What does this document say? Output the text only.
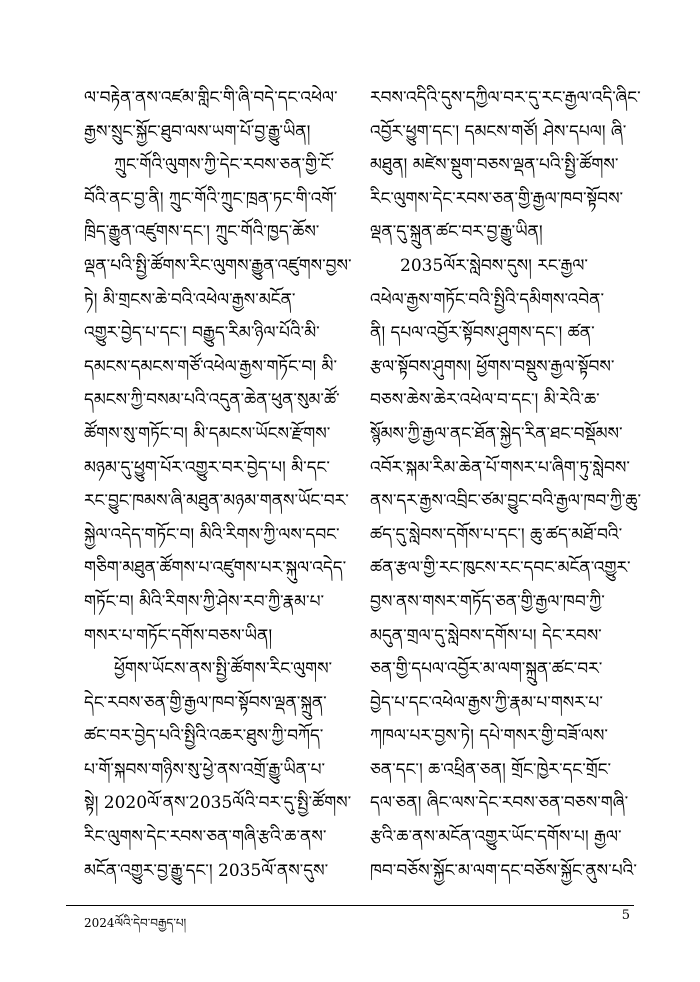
ལ་བརྟེན་ནས་འཛམ་གླིང་གི་ཞི་བདེ་དང་འཕེལ་
རྒྱས་སྲུང་སྐྱོང་ཐུབ་ལས་ཡག་པོ་བྱ་རྒྱུ་ཡིན།
ཀྲུང་གོའི་ལུགས་ཀྱི་དེང་རབས་ཅན་གྱི་ངོ་
བོའི་ནང་བྱ་ནི། ཀྲུང་གོའི་ཀྲུང་ཁྲན་ཏང་གི་འགོ་
ཁྲིད་རྒྱུན་འཛུགས་དང་། ཀྲུང་གོའི་ཁྱད་ཆོས་
ལྡན་པའི་སྤྱི་ཚོགས་རིང་ལུགས་རྒྱུན་འཛུགས་བྱས་
ཏེ། མི་གྲངས་ཆེ་བའི་འཕེལ་རྒྱས་མངོན་
འགྱུར་བྱེད་པ་དང་། བརྒྱུད་རིམ་ཉིལ་པོའི་མི་
དམངས་དམངས་གཙོ་འཕེལ་རྒྱས་གཏོང་བ། མི་
དམངས་ཀྱི་བསམ་པའི་འདུན་ཆེན་ཕུན་སུམ་ཚོ་
ཚོགས་སུ་གཏོང་བ། མི་དམངས་ཡོངས་རྫོགས་
མཉམ་དུ་ཕྱུག་པོར་འགྱུར་བར་བྱེད་པ། མི་དང་
རང་བྱུང་ཁམས་ཞི་མཐུན་མཉམ་གནས་ཡོང་བར་
སྐྱེལ་འདེད་གཏོང་བ། མིའི་རིགས་ཀྱི་ལས་དབང་
གཅིག་མཐུན་ཚོགས་པ་འཛུགས་པར་སྐུལ་འདེད་
གཏོང་བ། མིའི་རིགས་ཀྱི་ཤེས་རབ་ཀྱི་རྣམ་པ་
གསར་པ་གཏོང་དགོས་བཅས་ཡིན།
ཕྱོགས་ཡོངས་ནས་སྤྱི་ཚོགས་རིང་ལུགས་
དེང་རབས་ཅན་གྱི་རྒྱལ་ཁབ་སྟོབས་ལྡན་སྐྲུན་
ཚང་བར་བྱེད་པའི་སྤྱིའི་འཆར་ཐུས་ཀྱི་བཀོད་
པ་གོ་སྐབས་གཉིས་སུ་ཕྱེ་ནས་འགྲོ་རྒྱུ་ཡིན་པ་
སྟེ། 2020ལོ་ནས་2035ལོའི་བར་དུ་སྤྱི་ཚོགས་
རིང་ལུགས་དེང་རབས་ཅན་གཞི་རྩའི་ཆ་ནས་
མངོན་འགྱུར་བྱ་རྒྱུ་དང་། 2035ལོ་ནས་དུས་
རབས་འདིའི་དུས་དཀྱིལ་བར་དུ་རང་རྒྱལ་འདི་ཞིང་
འབྱོར་ཕྱུག་དང་། དམངས་གཙོ། ཤེས་དཔལ། ཞི་
མཐུན། མཛེས་སྡུག་བཅས་ལྡན་པའི་སྤྱི་ཚོགས་
རིང་ལུགས་དེང་རབས་ཅན་གྱི་རྒྱལ་ཁབ་སྟོབས་
ལྡན་དུ་སྐྲུན་ཚང་བར་བྱ་རྒྱུ་ཡིན།
2035ལོར་སླེབས་དུས། རང་རྒྱལ་
འཕེལ་རྒྱས་གཏོང་བའི་སྤྱིའི་དམིགས་འབེན་
ནི། དཔལ་འབྱོར་སྟོབས་ཤུགས་དང་། ཚན་
རྩལ་སྟོབས་ཤུགས། ཕྱོགས་བསྡུས་རྒྱལ་སྟོབས་
བཅས་ཆེས་ཆེར་འཕེལ་བ་དང་། མི་རེའི་ཆ་
སྙོམས་ཀྱི་རྒྱལ་ནང་ཐོན་སྐྱེད་རིན་ཐང་བསྡོམས་
འབོར་སྐམ་རིམ་ཆེན་པོ་གསར་པ་ཞིག་ཏུ་སླེབས་
ནས་དར་རྒྱས་འབྲིང་ཙམ་བྱུང་བའི་རྒྱལ་ཁབ་ཀྱི་ཆུ་
ཚད་དུ་སླེབས་དགོས་པ་དང་། ཆུ་ཚད་མཐོ་བའི་
ཚན་རྩལ་གྱི་རང་ཁུངས་རང་དབང་མངོན་འགྱུར་
བྱས་ནས་གསར་གཏོད་ཅན་གྱི་རྒྱལ་ཁབ་ཀྱི་
མདུན་གྲལ་དུ་སླེབས་དགོས་པ། དེང་རབས་
ཅན་གྱི་དཔལ་འབྱོར་མ་ལག་སྐྲུན་ཚང་བར་
བྱེད་པ་དང་འཕེལ་རྒྱས་ཀྱི་རྣམ་པ་གསར་པ་
ཀཁལ་པར་བྱས་ཏེ། དཔེ་གསར་གྱི་བཟོ་ལས་
ཅན་དང་། ཆ་འཕྲིན་ཅན། གྲོང་ཁྱེར་དང་གྲོང་
དལ་ཅན། ཞིང་ལས་དེང་རབས་ཅན་བཅས་གཞི་
རྩའི་ཆ་ནས་མངོན་འགྱུར་ཡོང་དགོས་པ། རྒྱལ་
ཁབ་བཅོས་སྐྱོང་མ་ལག་དང་བཅོས་སྐྱོང་ནུས་པའི་
2024ལོའི་དེབ་བརྒྱད་པ།	5
